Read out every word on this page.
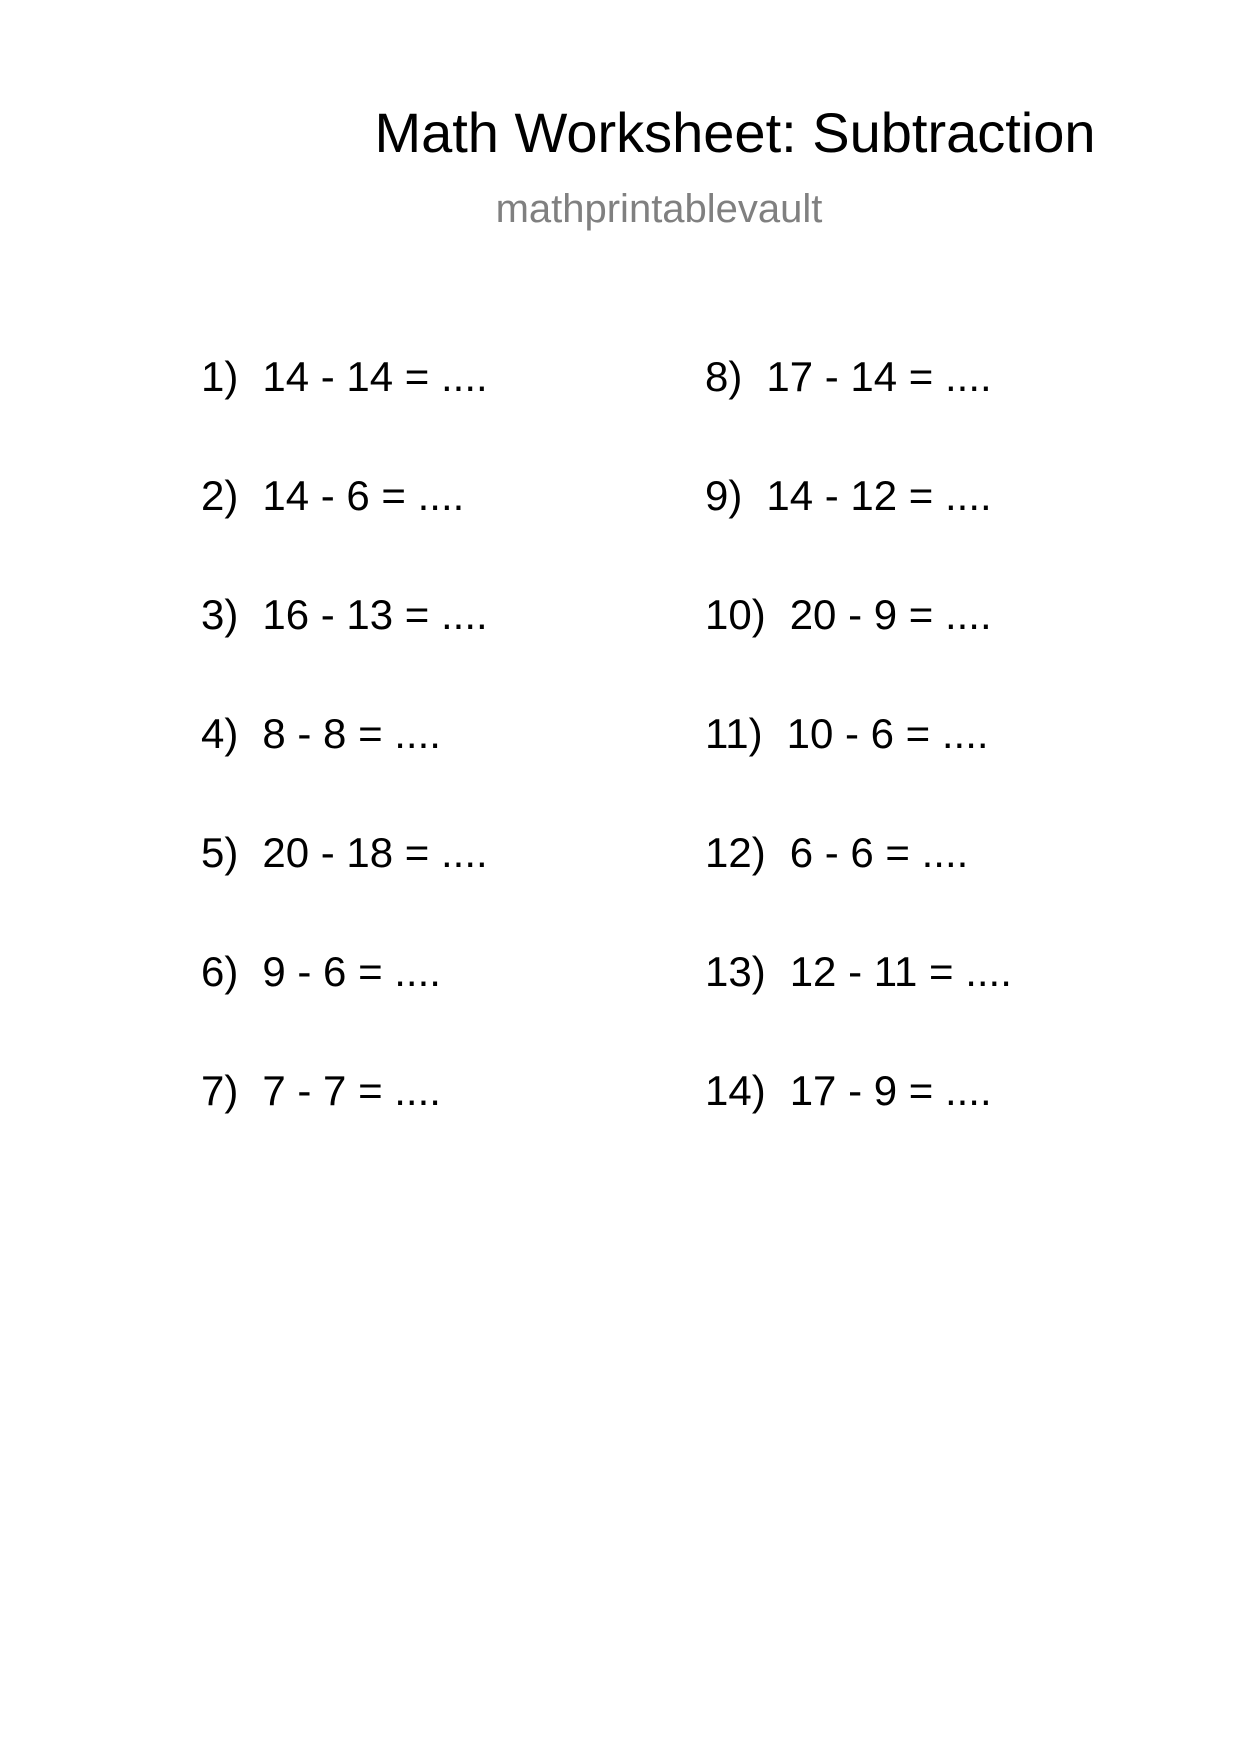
Math Worksheet: Subtraction
mathprintablevault
1) 14 - 14 = ....
2) 14 - 6 = ....
3) 16 - 13 = ....
4) 8 - 8 = ....
5) 20 - 18 = ....
6) 9 - 6 = ....
7) 7 - 7 = ....
8) 17 - 14 = ....
9) 14 - 12 = ....
10) 20 - 9 = ....
11) 10 - 6 = ....
12) 6 - 6 = ....
13) 12 - 11 = ....
14) 17 - 9 = ....
